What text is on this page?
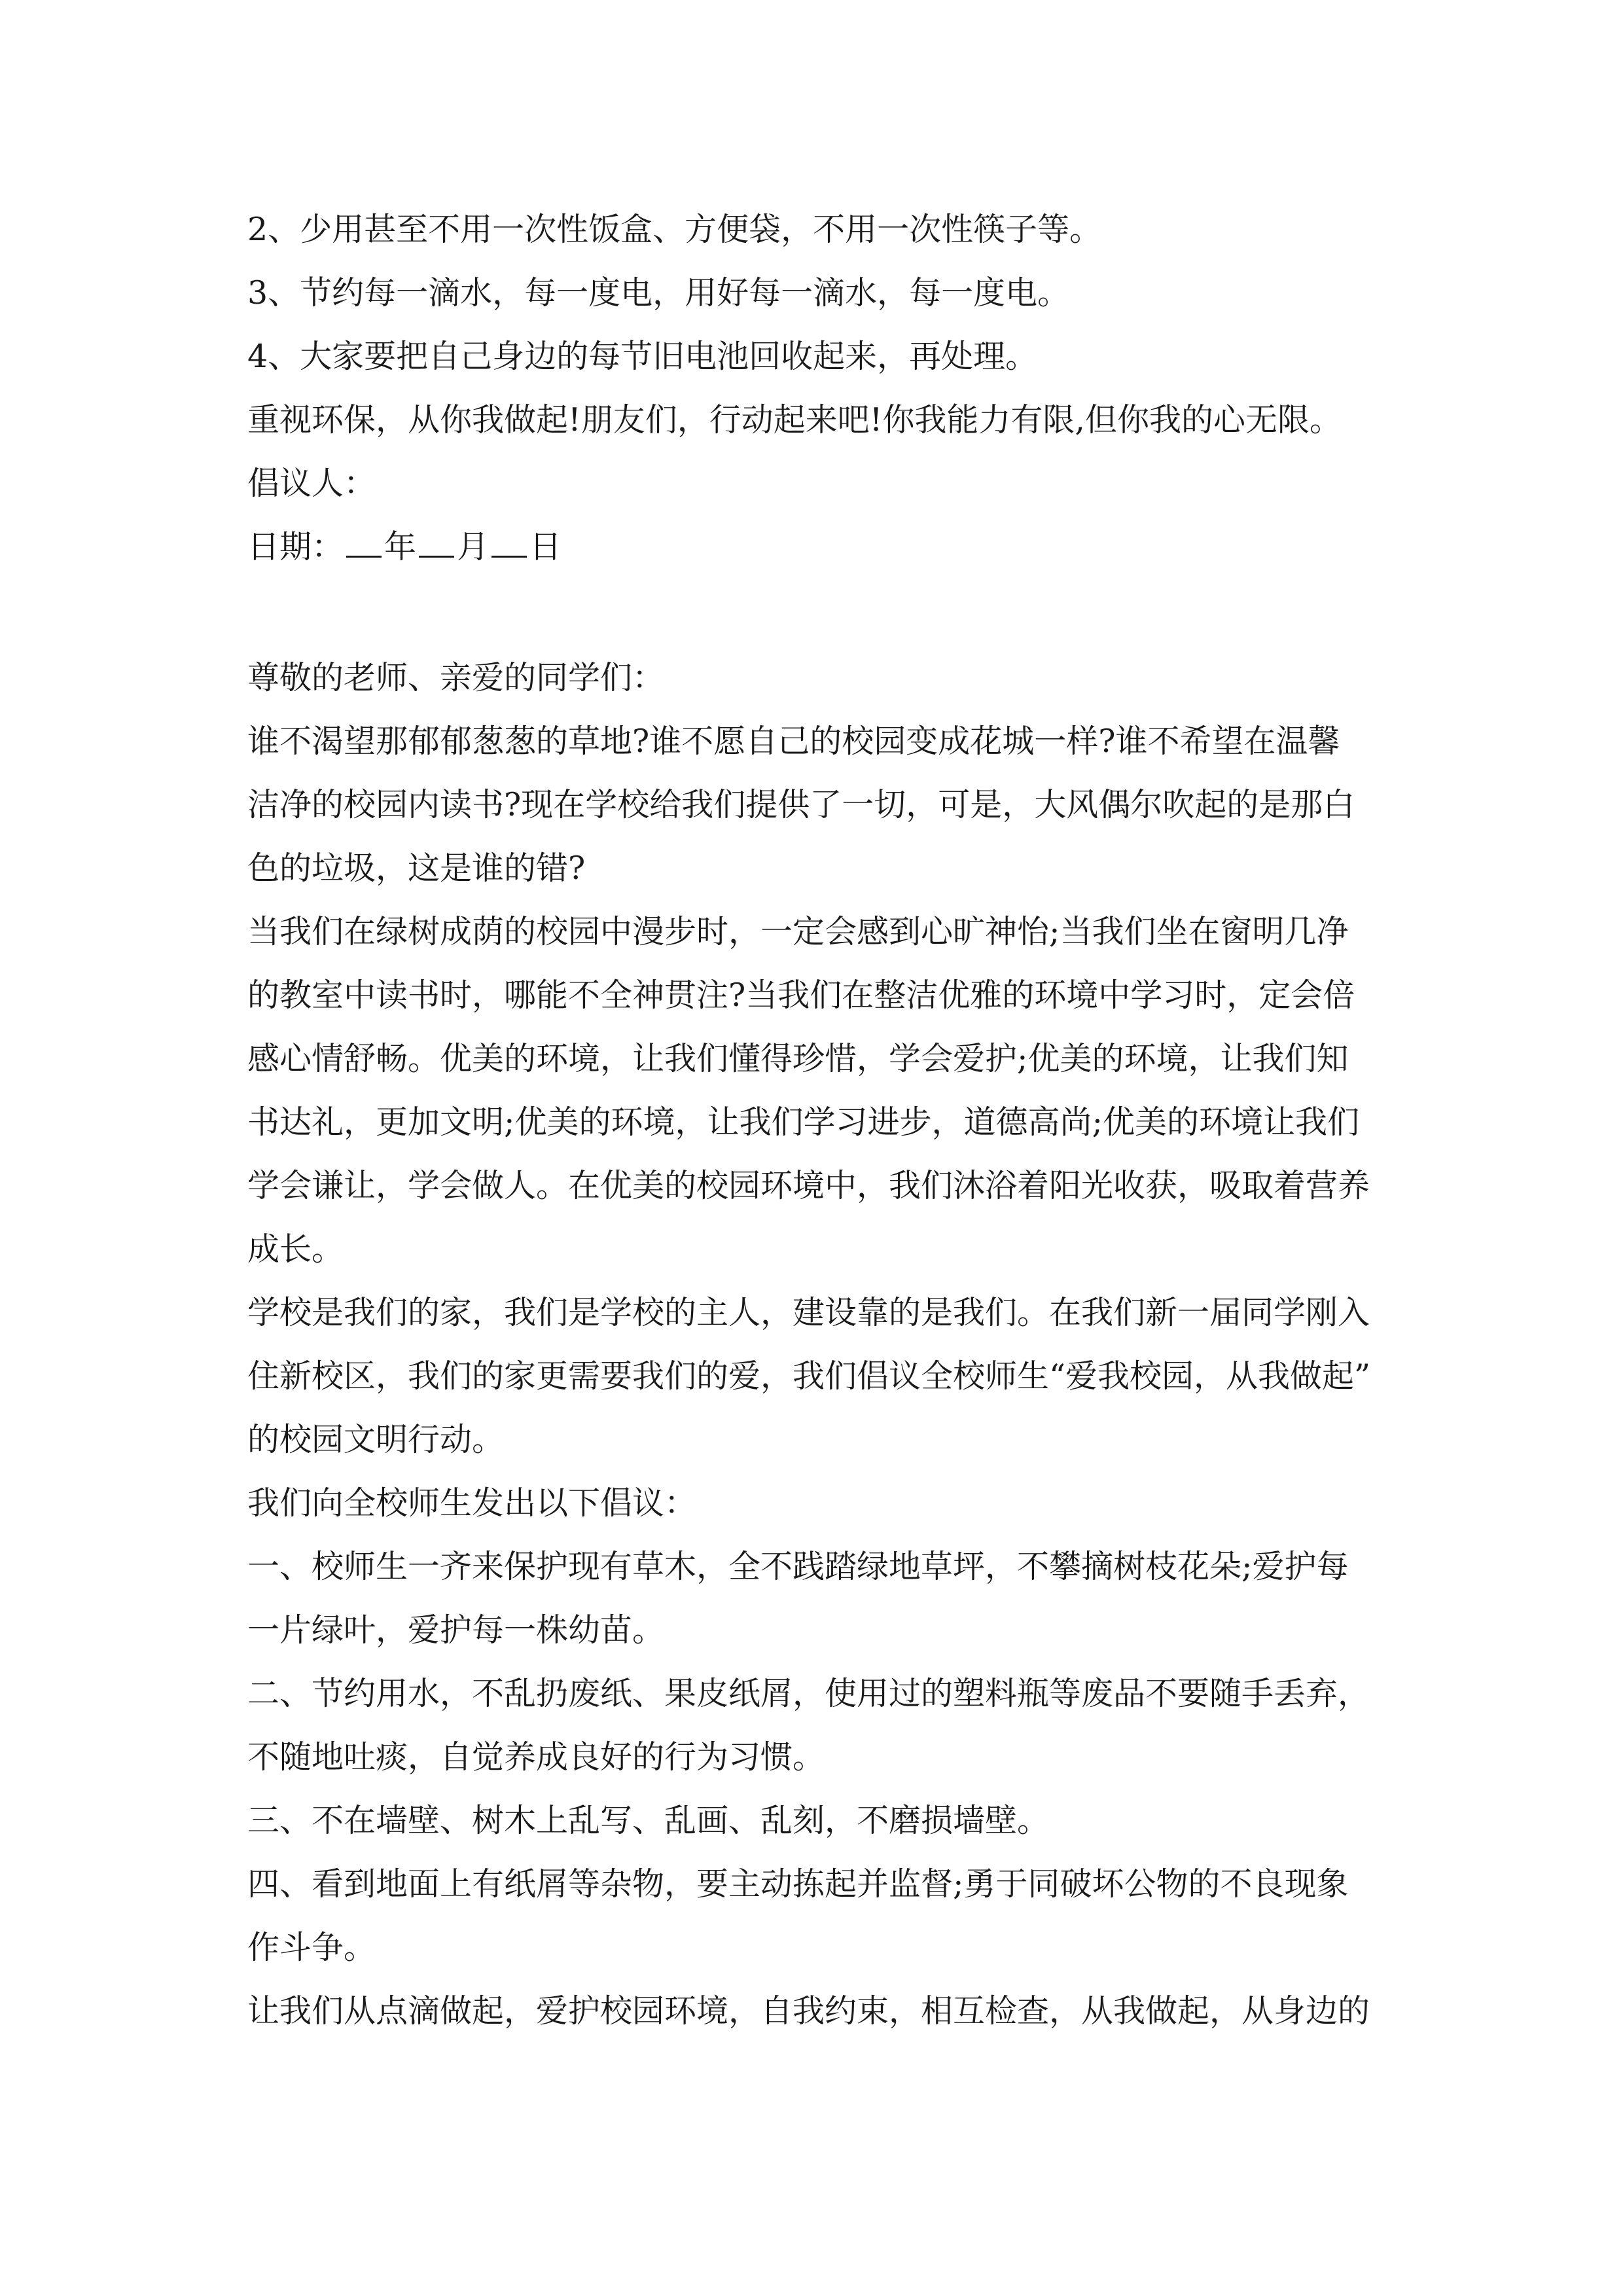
2、少用甚至不用一次性饭盒、方便袋，不用一次性筷子等。
3、节约每一滴水，每一度电，用好每一滴水，每一度电。
4、大家要把自己身边的每节旧电池回收起来，再处理。
重视环保，从你我做起!朋友们，行动起来吧!你我能力有限,但你我的心无限。
倡议人：
日期： 年 月 日
尊敬的老师、亲爱的同学们：
谁不渴望那郁郁葱葱的草地?谁不愿自己的校园变成花城一样?谁不希望在温馨
洁净的校园内读书?现在学校给我们提供了一切，可是，大风偶尔吹起的是那白
色的垃圾，这是谁的错?
当我们在绿树成荫的校园中漫步时，一定会感到心旷神怡;当我们坐在窗明几净
的教室中读书时，哪能不全神贯注?当我们在整洁优雅的环境中学习时，定会倍
感心情舒畅。优美的环境，让我们懂得珍惜，学会爱护;优美的环境，让我们知
书达礼，更加文明;优美的环境，让我们学习进步，道德高尚;优美的环境让我们
学会谦让，学会做人。在优美的校园环境中，我们沐浴着阳光收获，吸取着营养
成长。
学校是我们的家，我们是学校的主人，建设靠的是我们。在我们新一届同学刚入
住新校区，我们的家更需要我们的爱，我们倡议全校师生“爱我校园，从我做起”
的校园文明行动。
我们向全校师生发出以下倡议：
一、校师生一齐来保护现有草木，全不践踏绿地草坪，不攀摘树枝花朵;爱护每
一片绿叶，爱护每一株幼苗。
二、节约用水，不乱扔废纸、果皮纸屑，使用过的塑料瓶等废品不要随手丢弃，
不随地吐痰，自觉养成良好的行为习惯。
三、不在墙壁、树木上乱写、乱画、乱刻，不磨损墙壁。
四、看到地面上有纸屑等杂物，要主动拣起并监督;勇于同破坏公物的不良现象
作斗争。
让我们从点滴做起，爱护校园环境，自我约束，相互检查，从我做起，从身边的
